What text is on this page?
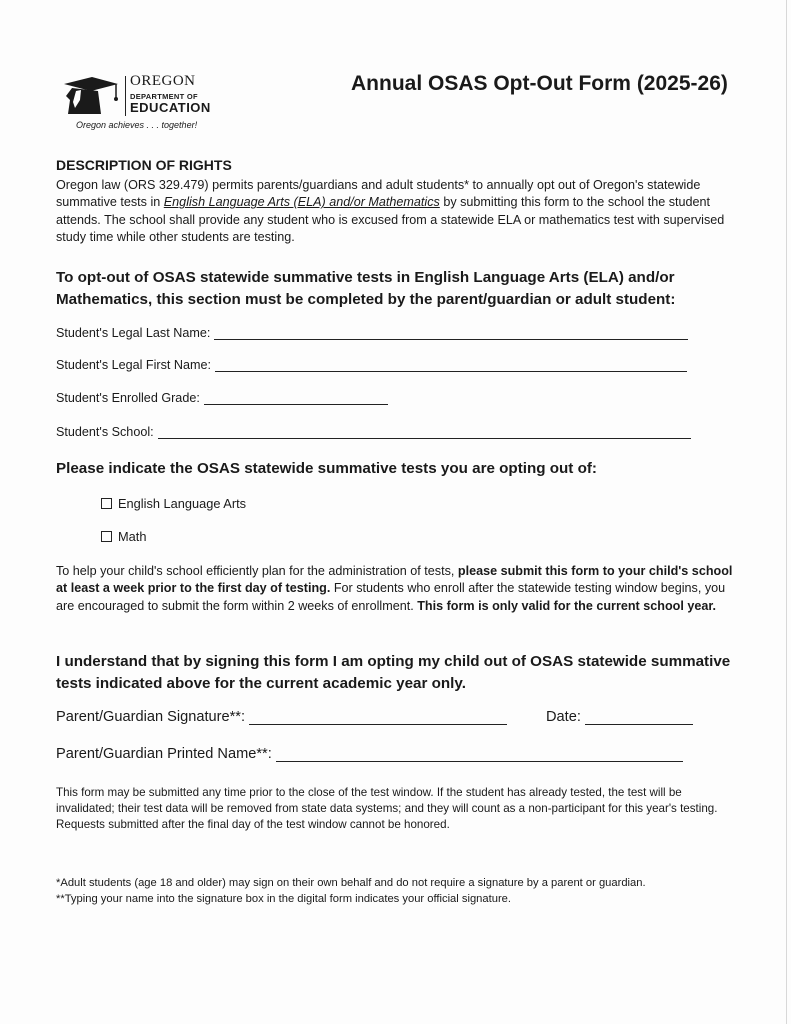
OREGON
DEPARTMENT OF
EDUCATION
Oregon achieves . . . together!
Annual OSAS Opt-Out Form (2025-26)
DESCRIPTION OF RIGHTS

Oregon law (ORS 329.479) permits parents/guardians and adult students* to annually opt out of Oregon's statewide summative tests in English Language Arts (ELA) and/or Mathematics by submitting this form to the school the student attends. The school shall provide any student who is excused from a statewide ELA or mathematics test with supervised study time while other students are testing.

To opt-out of OSAS statewide summative tests in English Language Arts (ELA) and/or Mathematics, this section must be completed by the parent/guardian or adult student:
Student's Legal Last Name:
Student's Legal First Name:
Student's Enrolled Grade:
Student's School:
Please indicate the OSAS statewide summative tests you are opting out of:
English Language Arts
Math

To help your child's school efficiently plan for the administration of tests, please submit this form to your child's school at least a week prior to the first day of testing. For students who enroll after the statewide testing window begins, you are encouraged to submit the form within 2 weeks of enrollment. This form is only valid for the current school year.

I understand that by signing this form I am opting my child out of OSAS statewide summative tests indicated above for the current academic year only.
Parent/Guardian Signature**:	Date:
Parent/Guardian Printed Name**:

This form may be submitted any time prior to the close of the test window. If the student has already tested, the test will be invalidated; their test data will be removed from state data systems; and they will count as a non-participant for this year's testing. Requests submitted after the final day of the test window cannot be honored.

*Adult students (age 18 and older) may sign on their own behalf and do not require a signature by a parent or guardian.

**Typing your name into the signature box in the digital form indicates your official signature.
